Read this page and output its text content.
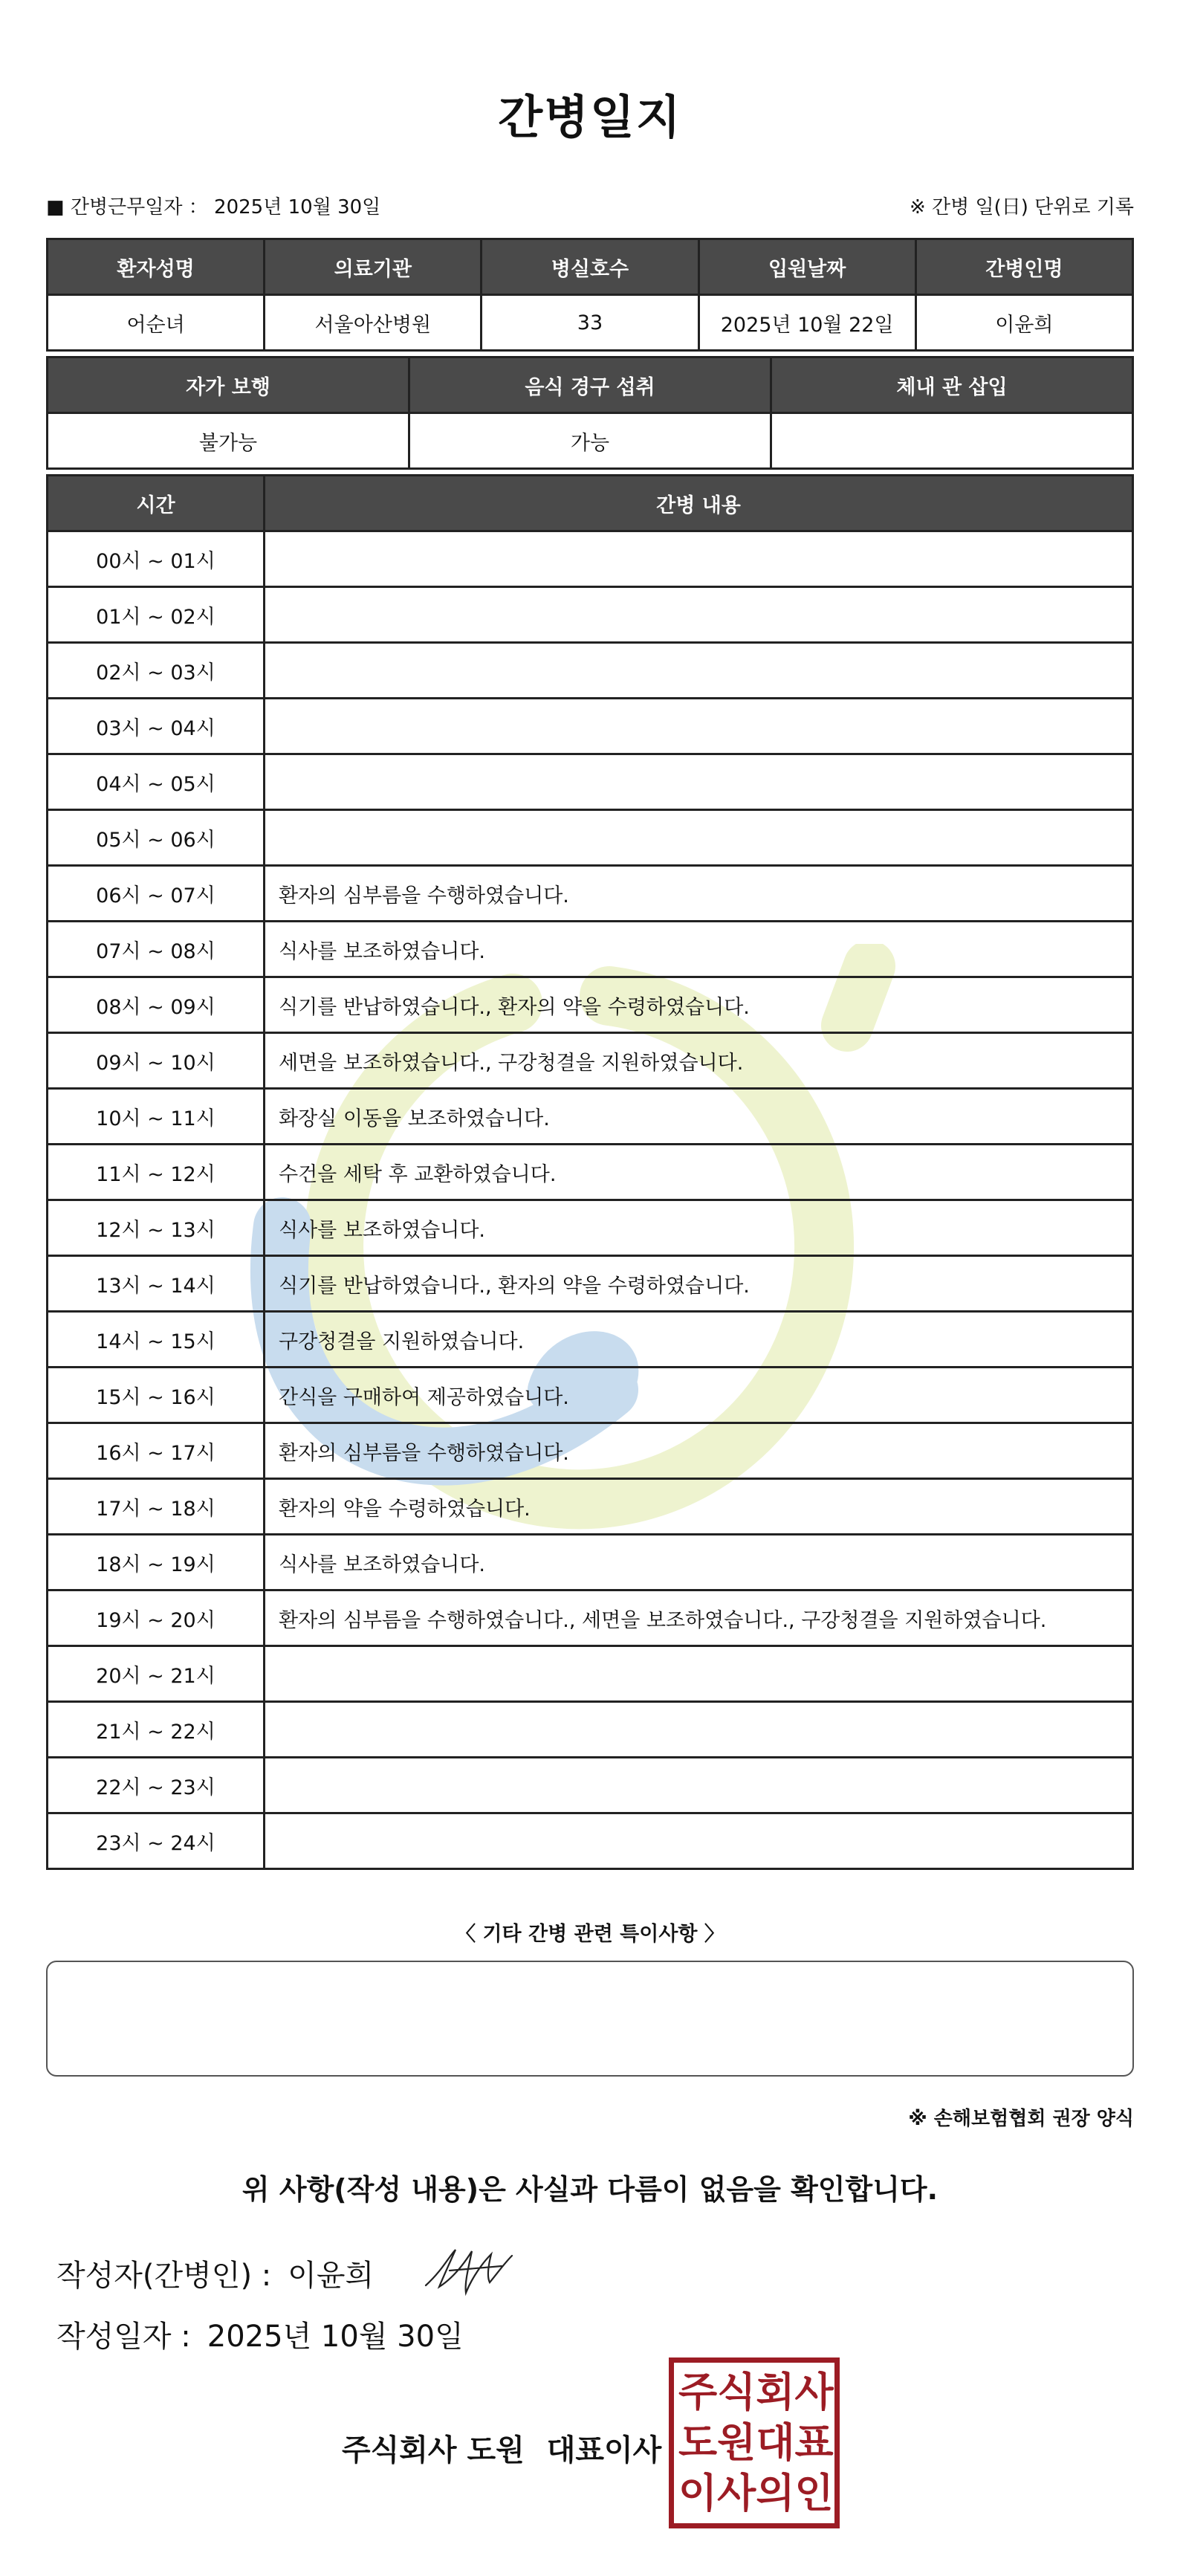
간병일지
■ 간병근무일자 ： 2025년 10월 30일	※ 간병 일(日) 단위로 기록
환자성명	의료기관	병실호수	입원날짜	간병인명
어순녀	서울아산병원	33	2025년 10월 22일	이윤희
자가 보행	음식 경구 섭취	체내 관 삽입
불가능	가능	
시간	간병 내용
00시 ~ 01시	
01시 ~ 02시	
02시 ~ 03시	
03시 ~ 04시	
04시 ~ 05시	
05시 ~ 06시	
06시 ~ 07시	환자의 심부름을 수행하였습니다.
07시 ~ 08시	식사를 보조하였습니다.
08시 ~ 09시	식기를 반납하였습니다., 환자의 약을 수령하였습니다.
09시 ~ 10시	세면을 보조하였습니다., 구강청결을 지원하였습니다.
10시 ~ 11시	화장실 이동을 보조하였습니다.
11시 ~ 12시	수건을 세탁 후 교환하였습니다.
12시 ~ 13시	식사를 보조하였습니다.
13시 ~ 14시	식기를 반납하였습니다., 환자의 약을 수령하였습니다.
14시 ~ 15시	구강청결을 지원하였습니다.
15시 ~ 16시	간식을 구매하여 제공하였습니다.
16시 ~ 17시	환자의 심부름을 수행하였습니다.
17시 ~ 18시	환자의 약을 수령하였습니다.
18시 ~ 19시	식사를 보조하였습니다.
19시 ~ 20시	환자의 심부름을 수행하였습니다., 세면을 보조하였습니다., 구강청결을 지원하였습니다.
20시 ~ 21시	
21시 ~ 22시	
22시 ~ 23시	
23시 ~ 24시	
〈 기타 간병 관련 특이사항 〉
※ 손해보험협회 권장 양식
위 사항(작성 내용)은 사실과 다름이 없음을 확인합니다.
작성자(간병인) : 이윤희
작성일자 : 2025년 10월 30일
주식회사 도원 대표이사
주 식 회 사
도 원 대 표
이 사 의 인
